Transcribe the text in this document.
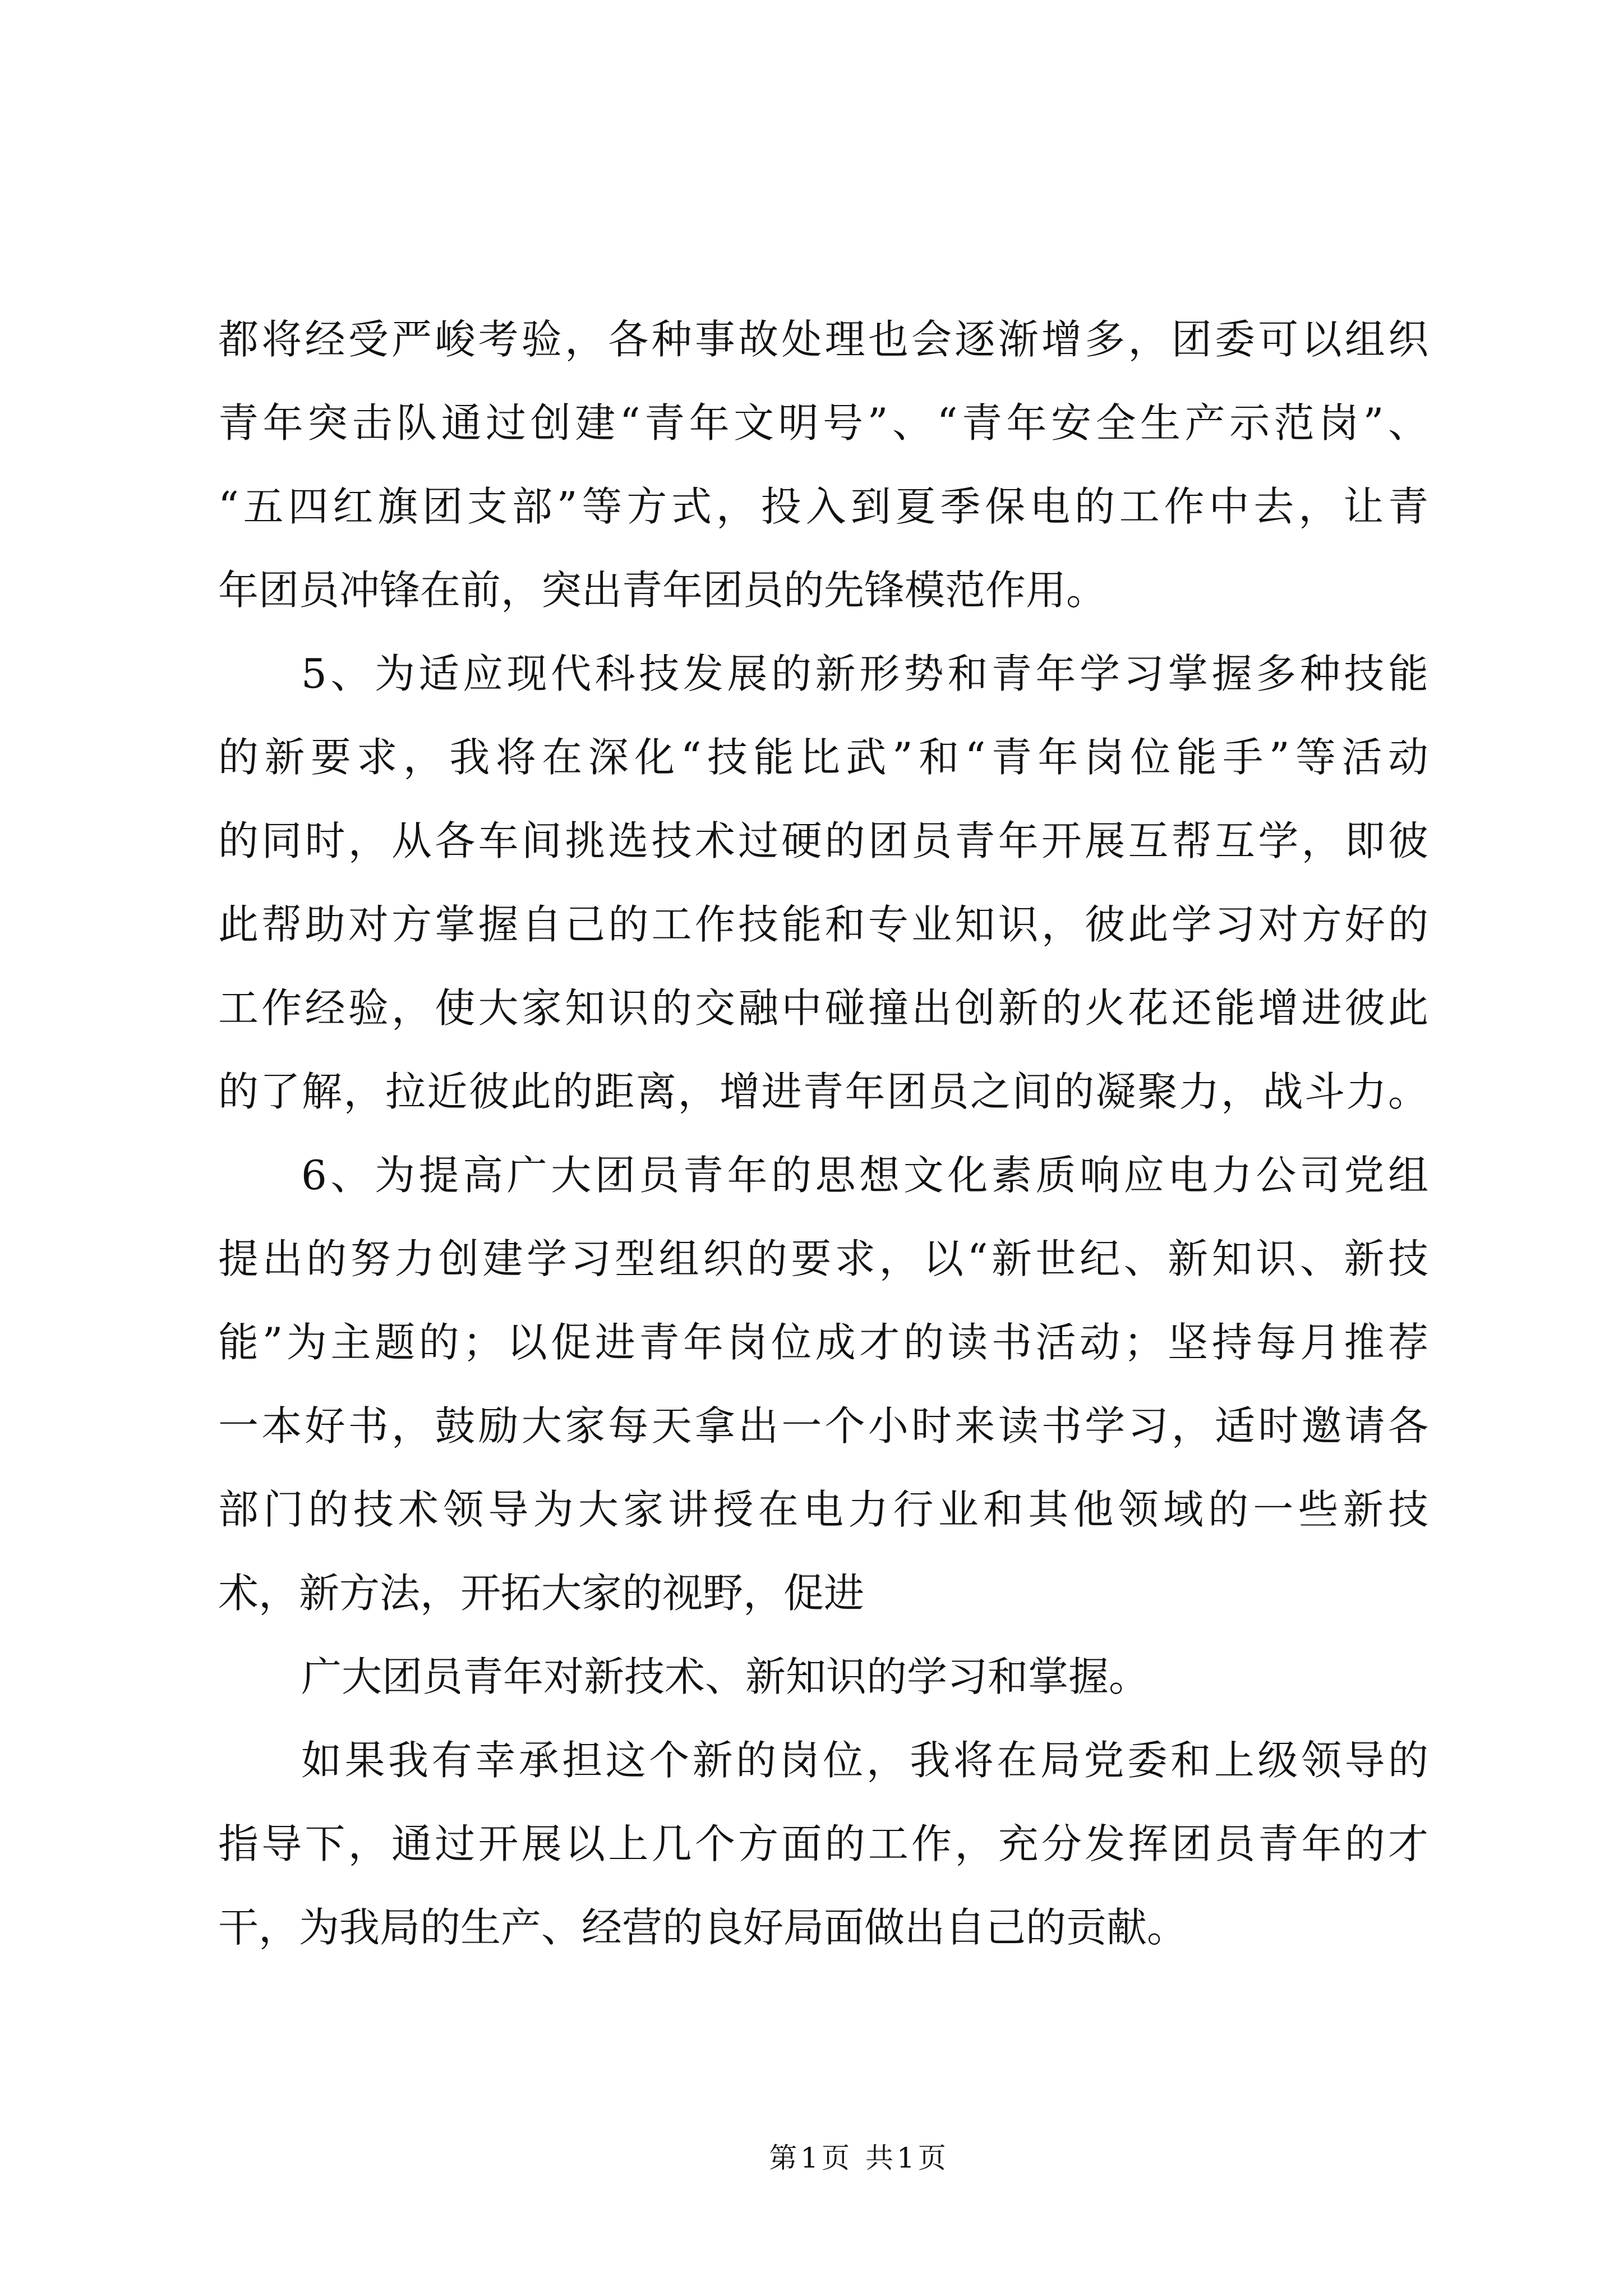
都将经受严峻考验，各种事故处理也会逐渐增多，团委可以组织
青年突击队通过创建“青年文明号”、“青年安全生产示范岗”、
“五四红旗团支部”等方式，投入到夏季保电的工作中去，让青
年团员冲锋在前，突出青年团员的先锋模范作用。
5、为适应现代科技发展的新形势和青年学习掌握多种技能
的新要求，我将在深化“技能比武”和“青年岗位能手”等活动
的同时，从各车间挑选技术过硬的团员青年开展互帮互学，即彼
此帮助对方掌握自己的工作技能和专业知识，彼此学习对方好的
工作经验，使大家知识的交融中碰撞出创新的火花还能增进彼此
的了解，拉近彼此的距离，增进青年团员之间的凝聚力，战斗力。
6、为提高广大团员青年的思想文化素质响应电力公司党组
提出的努力创建学习型组织的要求，以“新世纪、新知识、新技
能”为主题的；以促进青年岗位成才的读书活动；坚持每月推荐
一本好书，鼓励大家每天拿出一个小时来读书学习，适时邀请各
部门的技术领导为大家讲授在电力行业和其他领域的一些新技
术，新方法，开拓大家的视野，促进
广大团员青年对新技术、新知识的学习和掌握。
如果我有幸承担这个新的岗位，我将在局党委和上级领导的
指导下，通过开展以上几个方面的工作，充分发挥团员青年的才
干，为我局的生产、经营的良好局面做出自己的贡献。
第1页 共1页
